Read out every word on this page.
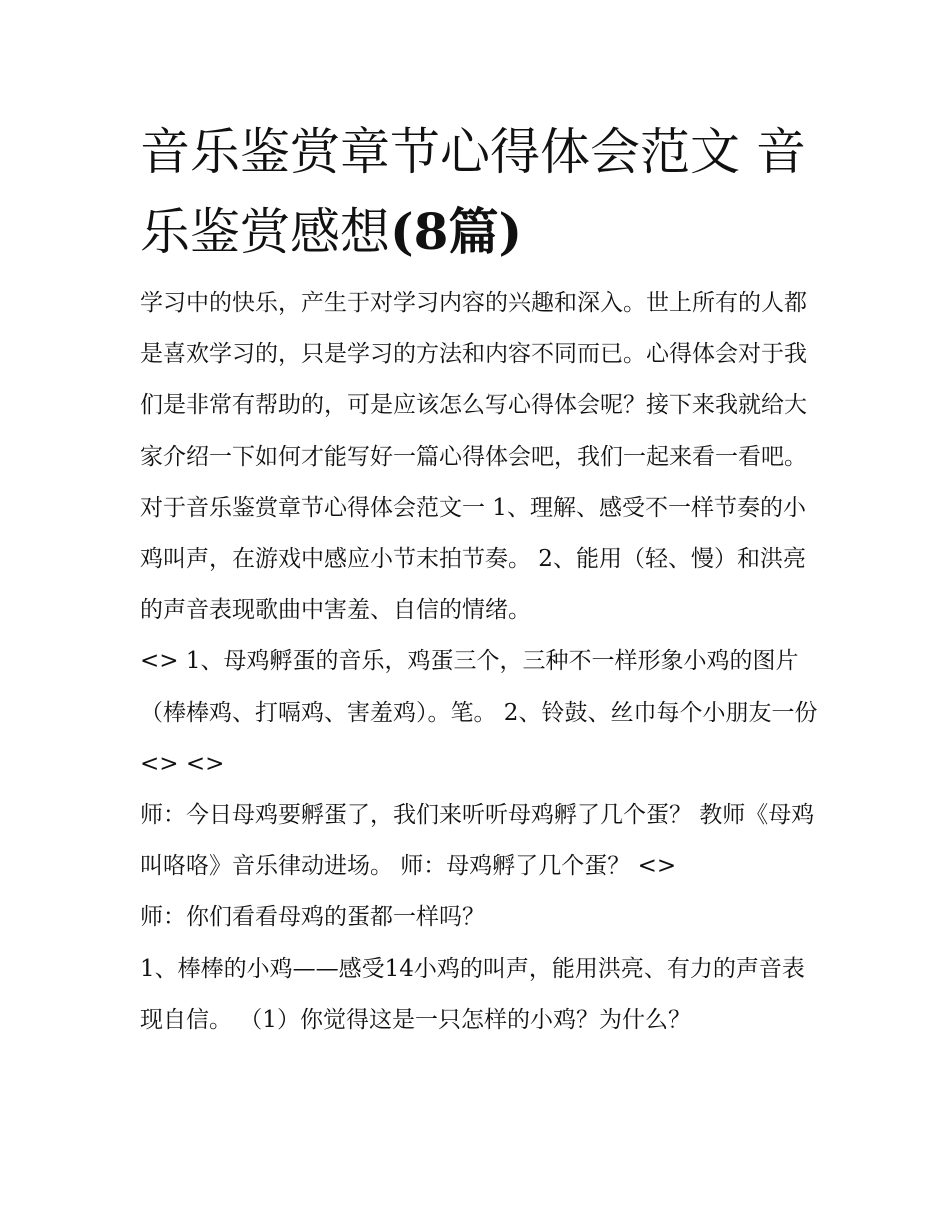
音乐鉴赏章节心得体会范文 音乐鉴赏感想(8篇)

学习中的快乐，产生于对学习内容的兴趣和深入。世上所有的人都是喜欢学习的，只是学习的方法和内容不同而已。心得体会对于我们是非常有帮助的，可是应该怎么写心得体会呢？接下来我就给大家介绍一下如何才能写好一篇心得体会吧，我们一起来看一看吧。

对于音乐鉴赏章节心得体会范文一 1、理解、感受不一样节奏的小鸡叫声，在游戏中感应小节末拍节奏。 2、能用（轻、慢）和洪亮的声音表现歌曲中害羞、自信的情绪。

<> 1、母鸡孵蛋的音乐，鸡蛋三个，三种不一样形象小鸡的图片（棒棒鸡、打嗝鸡、害羞鸡）。笔。 2、铃鼓、丝巾每个小朋友一份 <> <>

师：今日母鸡要孵蛋了，我们来听听母鸡孵了几个蛋？ 教师《母鸡叫咯咯》音乐律动进场。 师：母鸡孵了几个蛋？ <>

师：你们看看母鸡的蛋都一样吗？

1、棒棒的小鸡——感受14小鸡的叫声，能用洪亮、有力的声音表现自信。 （1）你觉得这是一只怎样的小鸡？为什么？
